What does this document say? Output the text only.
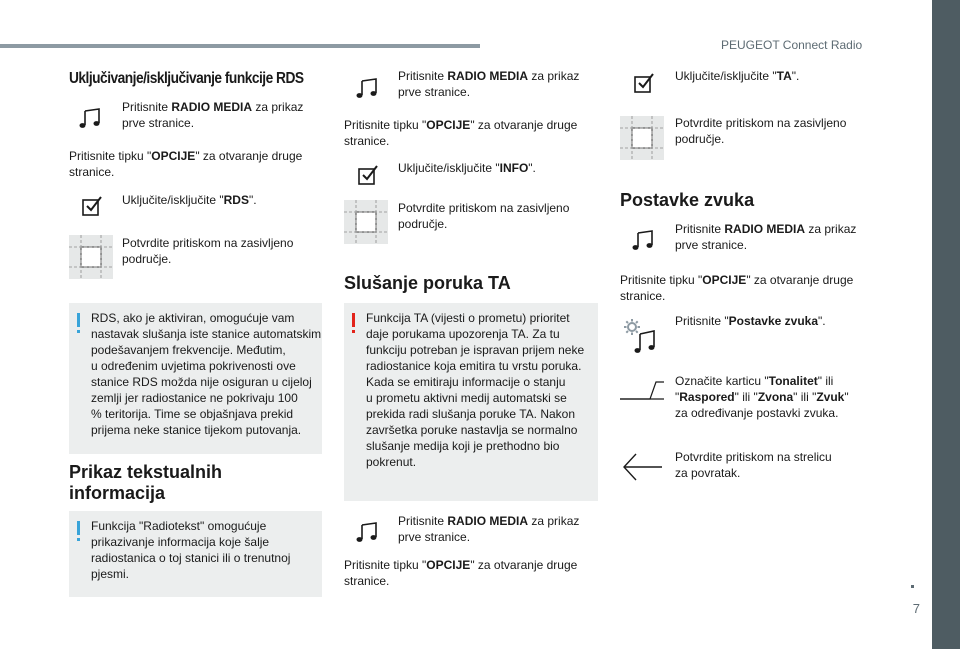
PEUGEOT Connect Radio
7
Uključivanje/isključivanje funkcije RDS
Pritisnite RADIO MEDIA za prikaz
prve stranice.
Pritisnite tipku "OPCIJE" za otvaranje druge
stranice.
Uključite/isključite "RDS".
Potvrdite pritiskom na zasivljeno
područje.
RDS, ako je aktiviran, omogućuje vam
nastavak slušanja iste stanice automatskim
podešavanjem frekvencije. Međutim,
u određenim uvjetima pokrivenosti ove
stanice RDS možda nije osiguran u cijeloj
zemlji jer radiostanice ne pokrivaju 100
% teritorija. Time se objašnjava prekid
prijema neke stanice tijekom putovanja.
Prikaz tekstualnih
informacija
Funkcija "Radiotekst" omogućuje
prikazivanje informacija koje šalje
radiostanica o toj stanici ili o trenutnoj
pjesmi.
Pritisnite RADIO MEDIA za prikaz
prve stranice.
Pritisnite tipku "OPCIJE" za otvaranje druge
stranice.
Uključite/isključite "INFO".
Potvrdite pritiskom na zasivljeno
područje.
Slušanje poruka TA
Funkcija TA (vijesti o prometu) prioritet
daje porukama upozorenja TA. Za tu
funkciju potreban je ispravan prijem neke
radiostanice koja emitira tu vrstu poruka.
Kada se emitiraju informacije o stanju
u prometu aktivni medij automatski se
prekida radi slušanja poruke TA. Nakon
završetka poruke nastavlja se normalno
slušanje medija koji je prethodno bio
pokrenut.
Pritisnite RADIO MEDIA za prikaz
prve stranice.
Pritisnite tipku "OPCIJE" za otvaranje druge
stranice.
Uključite/isključite "TA".
Potvrdite pritiskom na zasivljeno
područje.
Postavke zvuka
Pritisnite RADIO MEDIA za prikaz
prve stranice.
Pritisnite tipku "OPCIJE" za otvaranje druge
stranice.
Pritisnite "Postavke zvuka".
Označite karticu "Tonalitet" ili
"Raspored" ili "Zvona" ili "Zvuk"
za određivanje postavki zvuka.
Potvrdite pritiskom na strelicu
za povratak.
